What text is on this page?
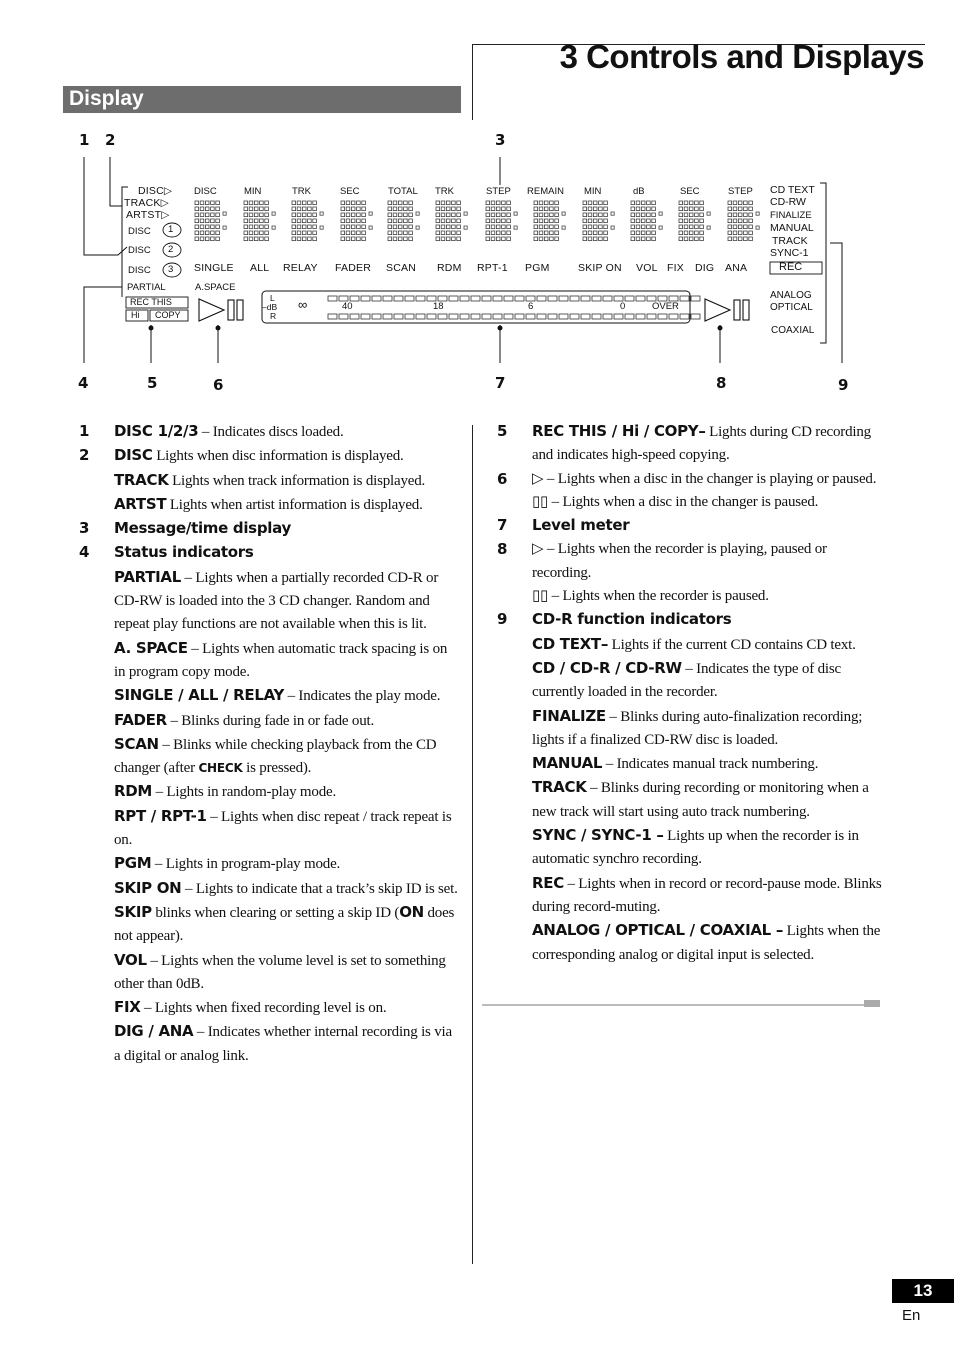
3 Controls and Displays
Display
1 2	3
4	5	6	7	8	9
DISC▷
TRACK▷
ARTST▷
DISC
DISC
DISC
1
2
3
PARTIAL
REC THIS
Hi COPY
DISC	MIN	TRK	SEC	TOTAL TRK	STEP REMAIN MIN	dB	SEC	STEP
SINGLE ALL RELAY FADER SCAN RDM RPT-1 PGM	SKIP ON VOL FIX DIG ANA
A.SPACE
L
–dB
R
∞	40	18	6	0	OVER
CD TEXT
CD-RW
FINALIZE
MANUAL
TRACK
SYNC-1
REC
ANALOG
OPTICAL
COAXIAL
1	DISC 1/2/3 – Indicates discs loaded.
2	DISC Lights when disc information is displayed.
TRACK Lights when track information is displayed.
ARTST Lights when artist information is displayed.
3	Message/time display
4	Status indicators
PARTIAL – Lights when a partially recorded CD-R or CD-RW is loaded into the 3 CD changer. Random and repeat play functions are not available when this is lit.
A. SPACE – Lights when automatic track spacing is on in program copy mode.
SINGLE / ALL / RELAY – Indicates the play mode.
FADER – Blinks during fade in or fade out.
SCAN – Blinks while checking playback from the CD changer (after CHECK is pressed).
RDM – Lights in random-play mode.
RPT / RPT-1 – Lights when disc repeat / track repeat is on.
PGM – Lights in program-play mode.
SKIP ON – Lights to indicate that a track’s skip ID is set. SKIP blinks when clearing or setting a skip ID (ON does not appear).
VOL – Lights when the volume level is set to something other than 0dB.
FIX – Lights when fixed recording level is on.
DIG / ANA – Indicates whether internal recording is via a digital or analog link.
5	REC THIS / Hi / COPY– Lights during CD recording and indicates high-speed copying.
6	▷ – Lights when a disc in the changer is playing or paused.
▯▯ – Lights when a disc in the changer is paused.
7	Level meter
8	▷ – Lights when the recorder is playing, paused or recording.
▯▯ – Lights when the recorder is paused.
9	CD-R function indicators
CD TEXT– Lights if the current CD contains CD text.
CD / CD-R / CD-RW – Indicates the type of disc currently loaded in the recorder.
FINALIZE – Blinks during auto-finalization recording; lights if a finalized CD-RW disc is loaded.
MANUAL – Indicates manual track numbering.
TRACK – Blinks during recording or monitoring when a new track will start using auto track numbering.
SYNC / SYNC-1 – Lights up when the recorder is in automatic synchro recording.
REC – Lights when in record or record-pause mode. Blinks during record-muting.
ANALOG / OPTICAL / COAXIAL – Lights when the corresponding analog or digital input is selected.
13
En
